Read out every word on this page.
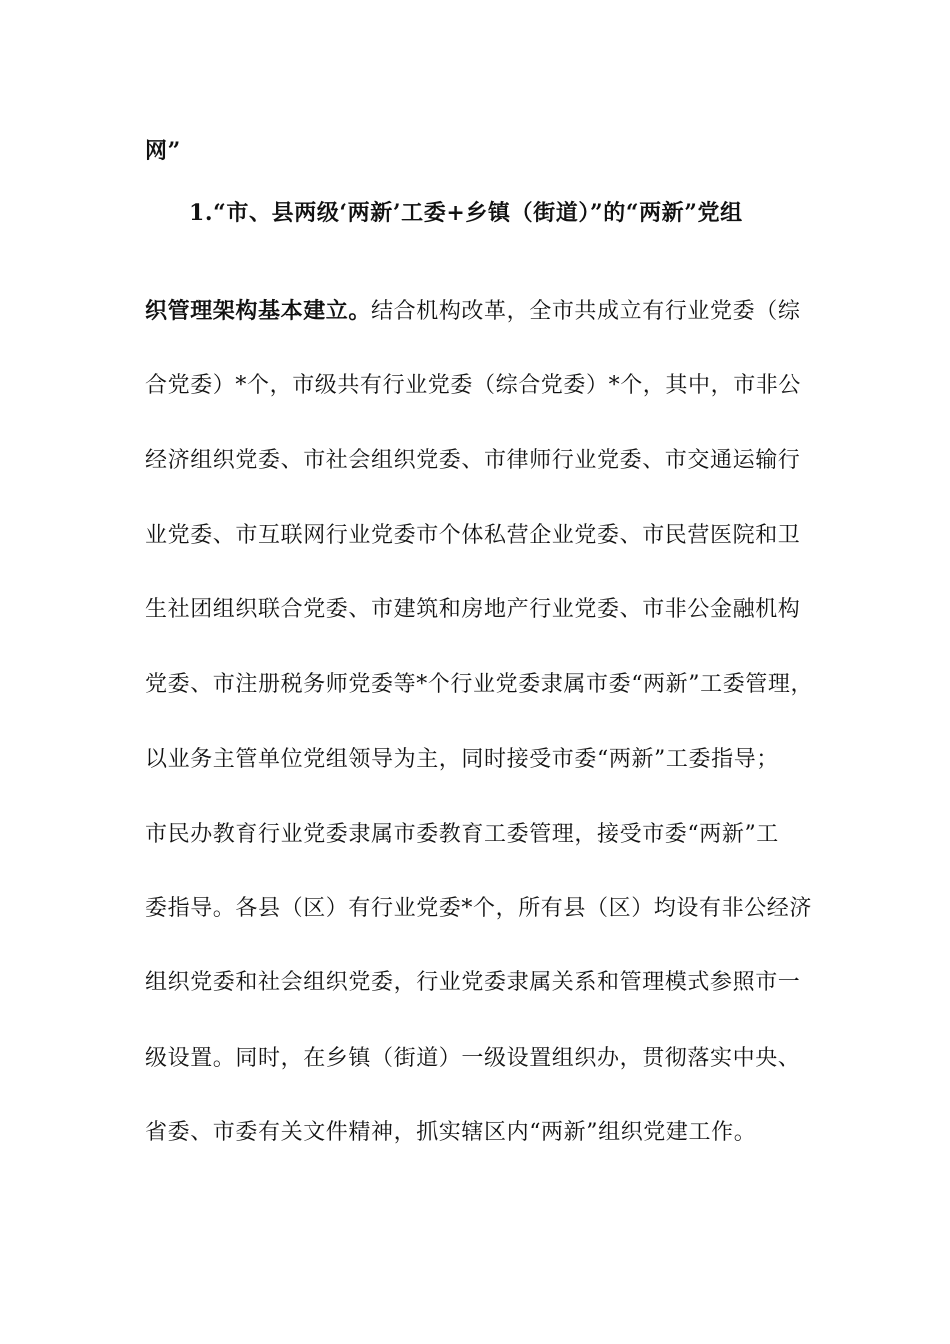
网”
1.“市、县两级‘两新’工委+乡镇（街道）”的“两新”党组
织管理架构基本建立。结合机构改革，全市共成立有行业党委（综
合党委）*个，市级共有行业党委（综合党委）*个，其中，市非公
经济组织党委、市社会组织党委、市律师行业党委、市交通运输行
业党委、市互联网行业党委市个体私营企业党委、市民营医院和卫
生社团组织联合党委、市建筑和房地产行业党委、市非公金融机构
党委、市注册税务师党委等*个行业党委隶属市委“两新”工委管理，
以业务主管单位党组领导为主，同时接受市委“两新”工委指导；
市民办教育行业党委隶属市委教育工委管理，接受市委“两新”工
委指导。各县（区）有行业党委*个，所有县（区）均设有非公经济
组织党委和社会组织党委，行业党委隶属关系和管理模式参照市一
级设置。同时，在乡镇（街道）一级设置组织办，贯彻落实中央、
省委、市委有关文件精神，抓实辖区内“两新”组织党建工作。
